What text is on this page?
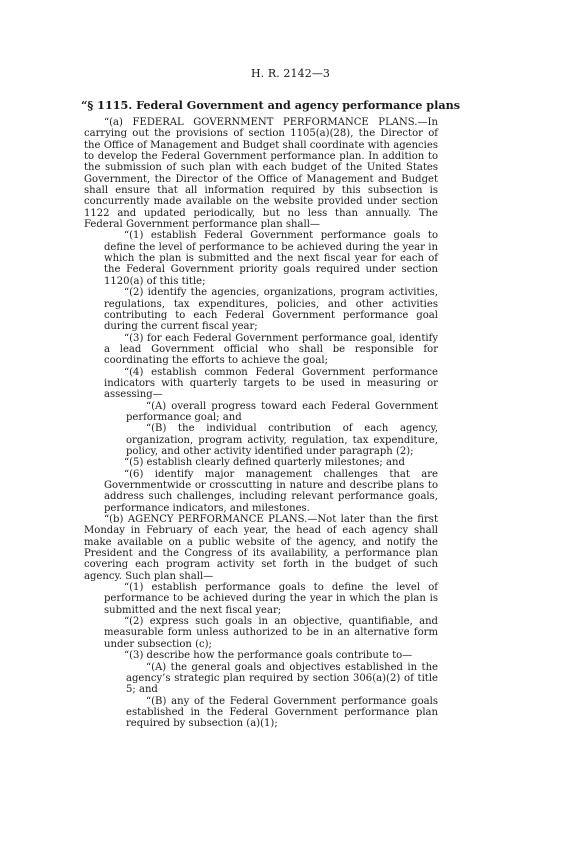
H. R. 2142—3
“§ 1115. Federal Government and agency performance plans

“(a) FEDERAL GOVERNMENT PERFORMANCE PLANS.—In carrying out the provisions of section 1105(a)(28), the Director of the Office of Management and Budget shall coordinate with agencies to develop the Federal Government performance plan. In addition to the submission of such plan with each budget of the United States Government, the Director of the Office of Management and Budget shall ensure that all information required by this subsection is concurrently made available on the website provided under section 1122 and updated periodically, but no less than annually. The Federal Government performance plan shall—

“(1) establish Federal Government performance goals to define the level of performance to be achieved during the year in which the plan is submitted and the next fiscal year for each of the Federal Government priority goals required under section 1120(a) of this title;

“(2) identify the agencies, organizations, program activities, regulations, tax expenditures, policies, and other activities contributing to each Federal Government performance goal during the current fiscal year;

“(3) for each Federal Government performance goal, identify a lead Government official who shall be responsible for coordinating the efforts to achieve the goal;

“(4) establish common Federal Government performance indicators with quarterly targets to be used in measuring or assessing—

“(A) overall progress toward each Federal Government performance goal; and

“(B) the individual contribution of each agency, organization, program activity, regulation, tax expenditure, policy, and other activity identified under paragraph (2);

“(5) establish clearly defined quarterly milestones; and

“(6) identify major management challenges that are Governmentwide or crosscutting in nature and describe plans to address such challenges, including relevant performance goals, performance indicators, and milestones.

“(b) AGENCY PERFORMANCE PLANS.—Not later than the first Monday in February of each year, the head of each agency shall make available on a public website of the agency, and notify the President and the Congress of its availability, a performance plan covering each program activity set forth in the budget of such agency. Such plan shall—

“(1) establish performance goals to define the level of performance to be achieved during the year in which the plan is submitted and the next fiscal year;

“(2) express such goals in an objective, quantifiable, and measurable form unless authorized to be in an alternative form under subsection (c);

“(3) describe how the performance goals contribute to—

“(A) the general goals and objectives established in the agency’s strategic plan required by section 306(a)(2) of title 5; and

“(B) any of the Federal Government performance goals established in the Federal Government performance plan required by subsection (a)(1);
